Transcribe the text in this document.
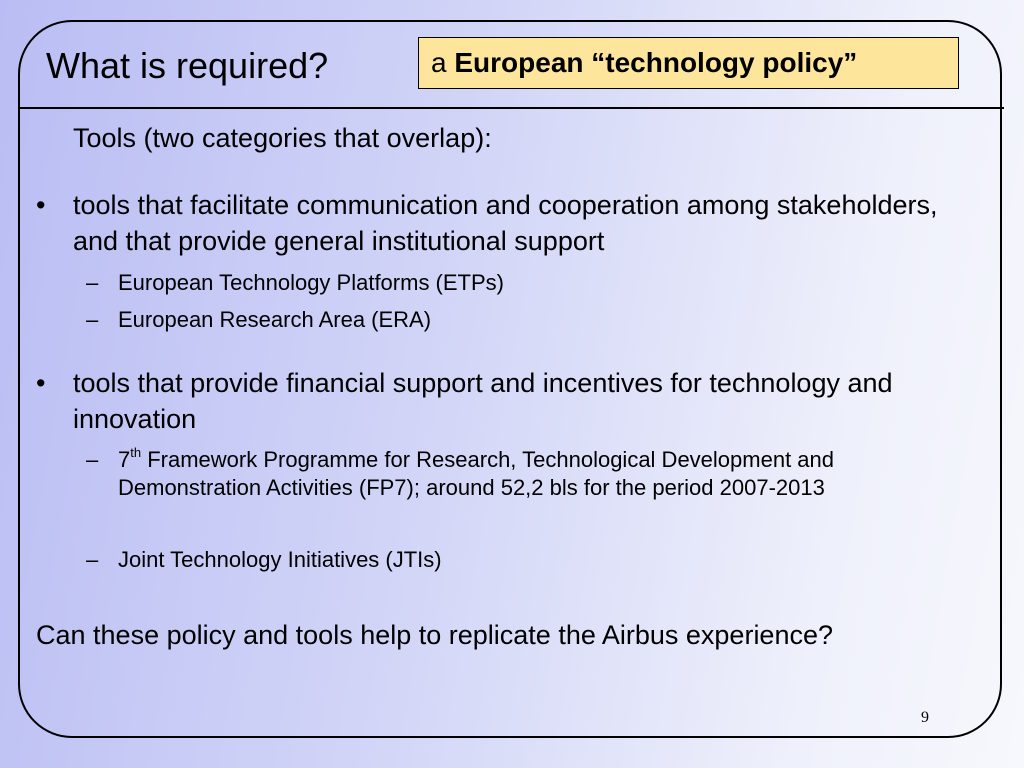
What is required?	a European “technology policy”
Tools (two categories that overlap):
• tools that facilitate communication and cooperation among stakeholders, and that provide general institutional support
– European Technology Platforms (ETPs)
– European Research Area (ERA)
• tools that provide financial support and incentives for technology and innovation
– 7th Framework Programme for Research, Technological Development and Demonstration Activities (FP7); around 52,2 bls for the period 2007-2013
– Joint Technology Initiatives (JTIs)
Can these policy and tools help to replicate the Airbus experience?
9
